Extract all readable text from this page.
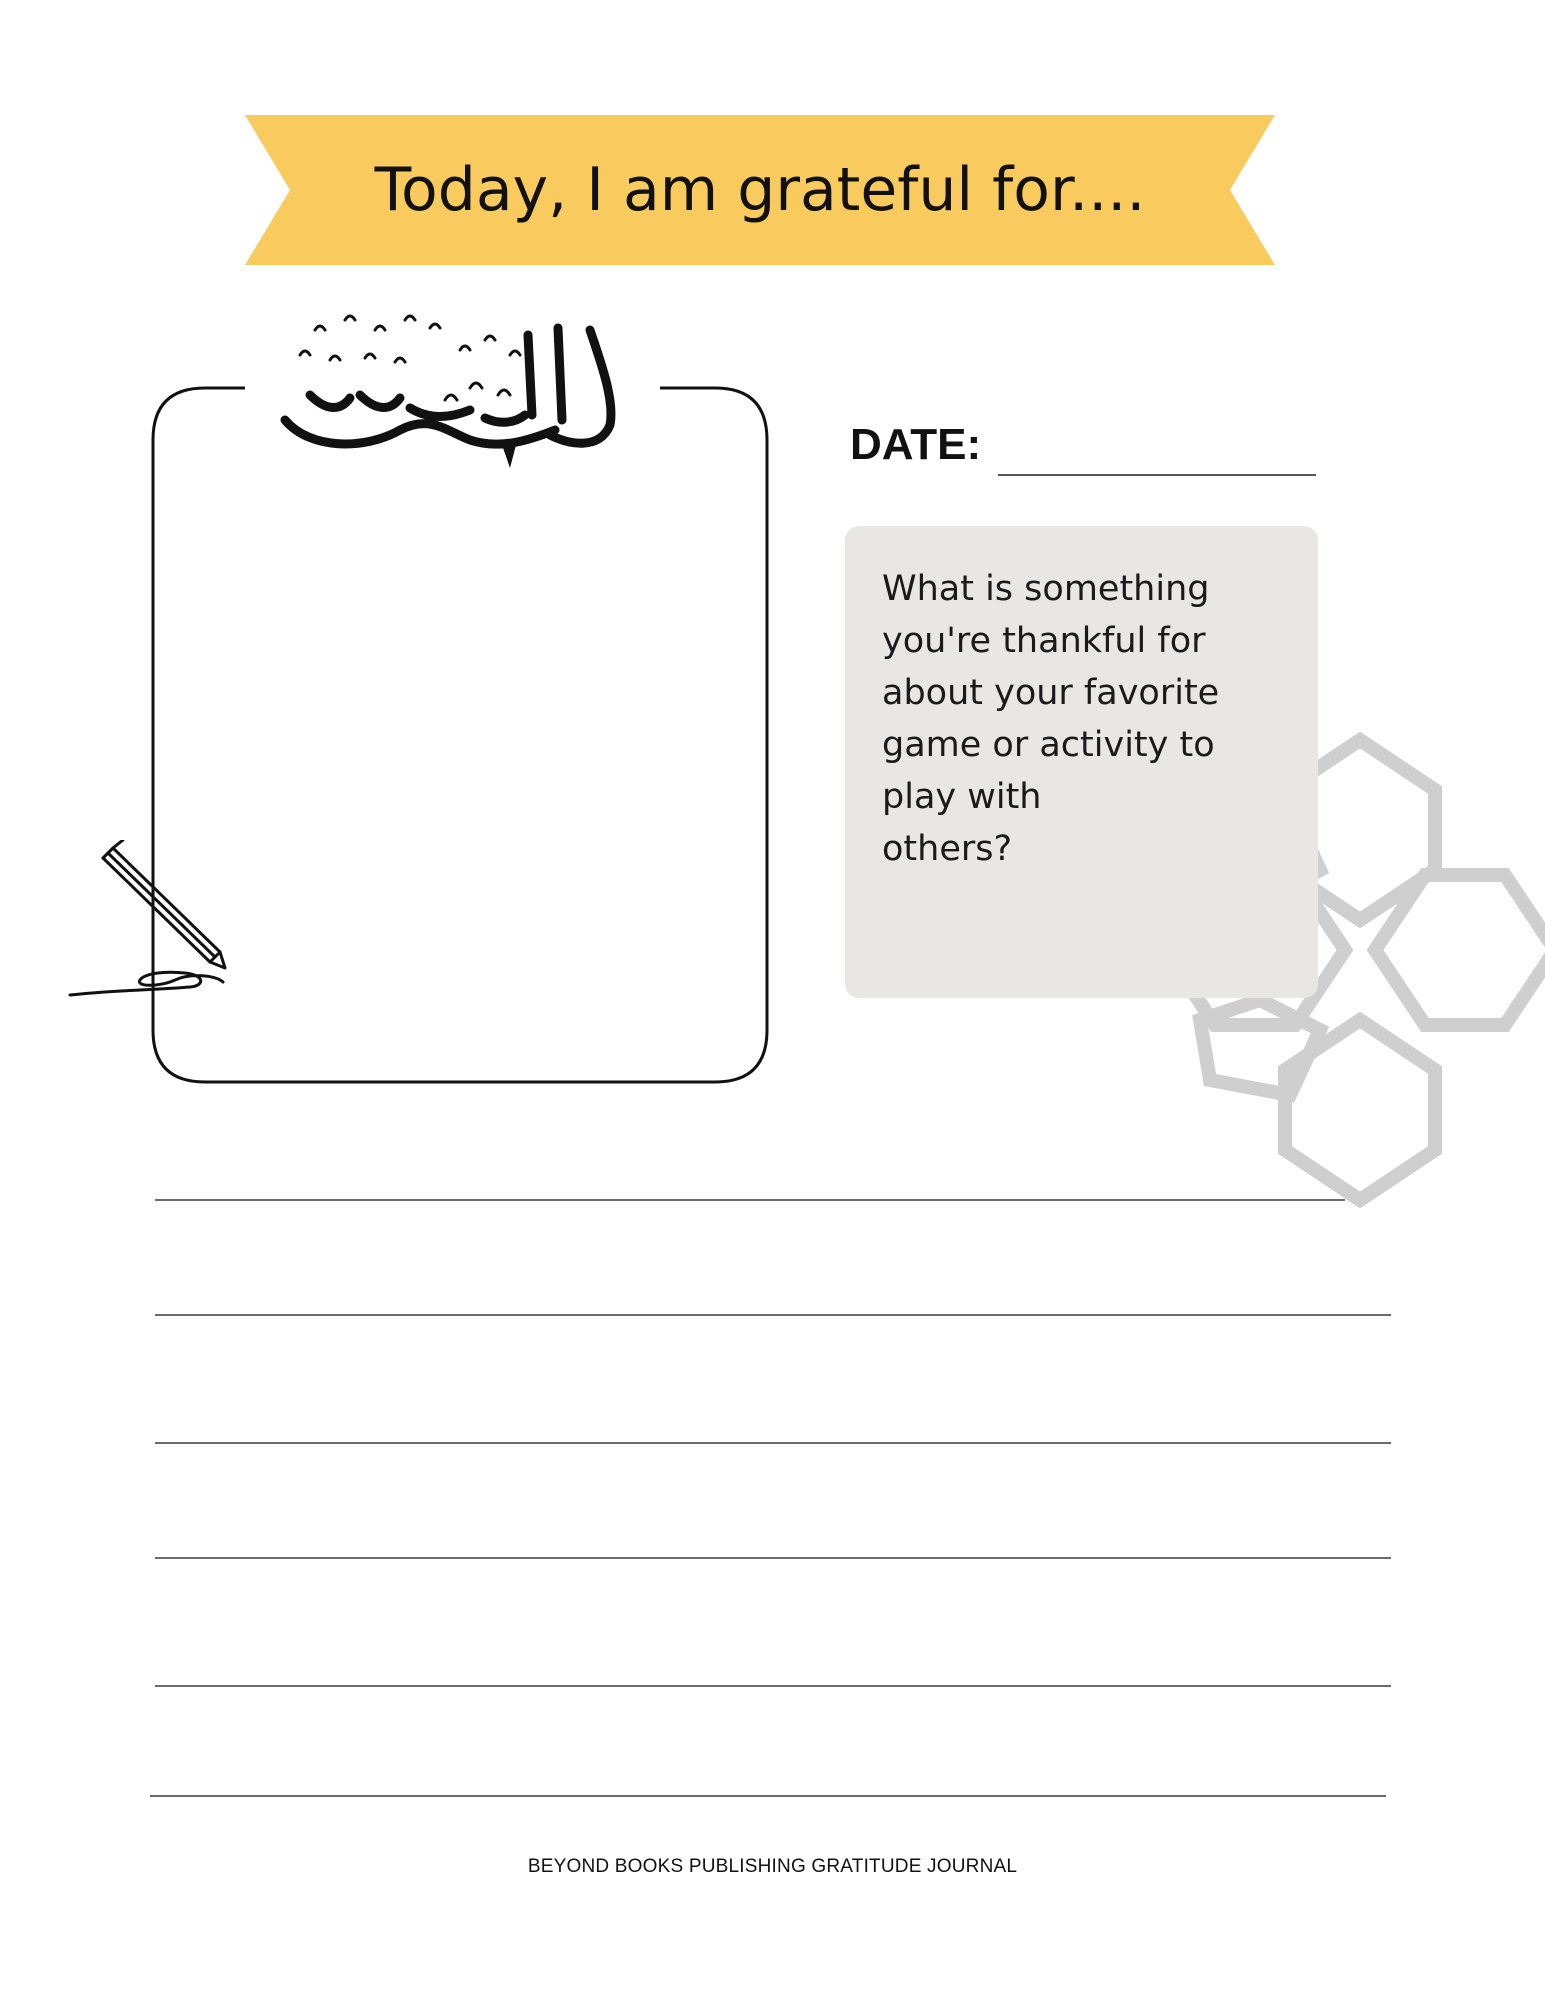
Today, I am grateful for....
DATE:
What is something
you're thankful for
about your favorite
game or activity to
play with
others?
BEYOND BOOKS PUBLISHING GRATITUDE JOURNAL
